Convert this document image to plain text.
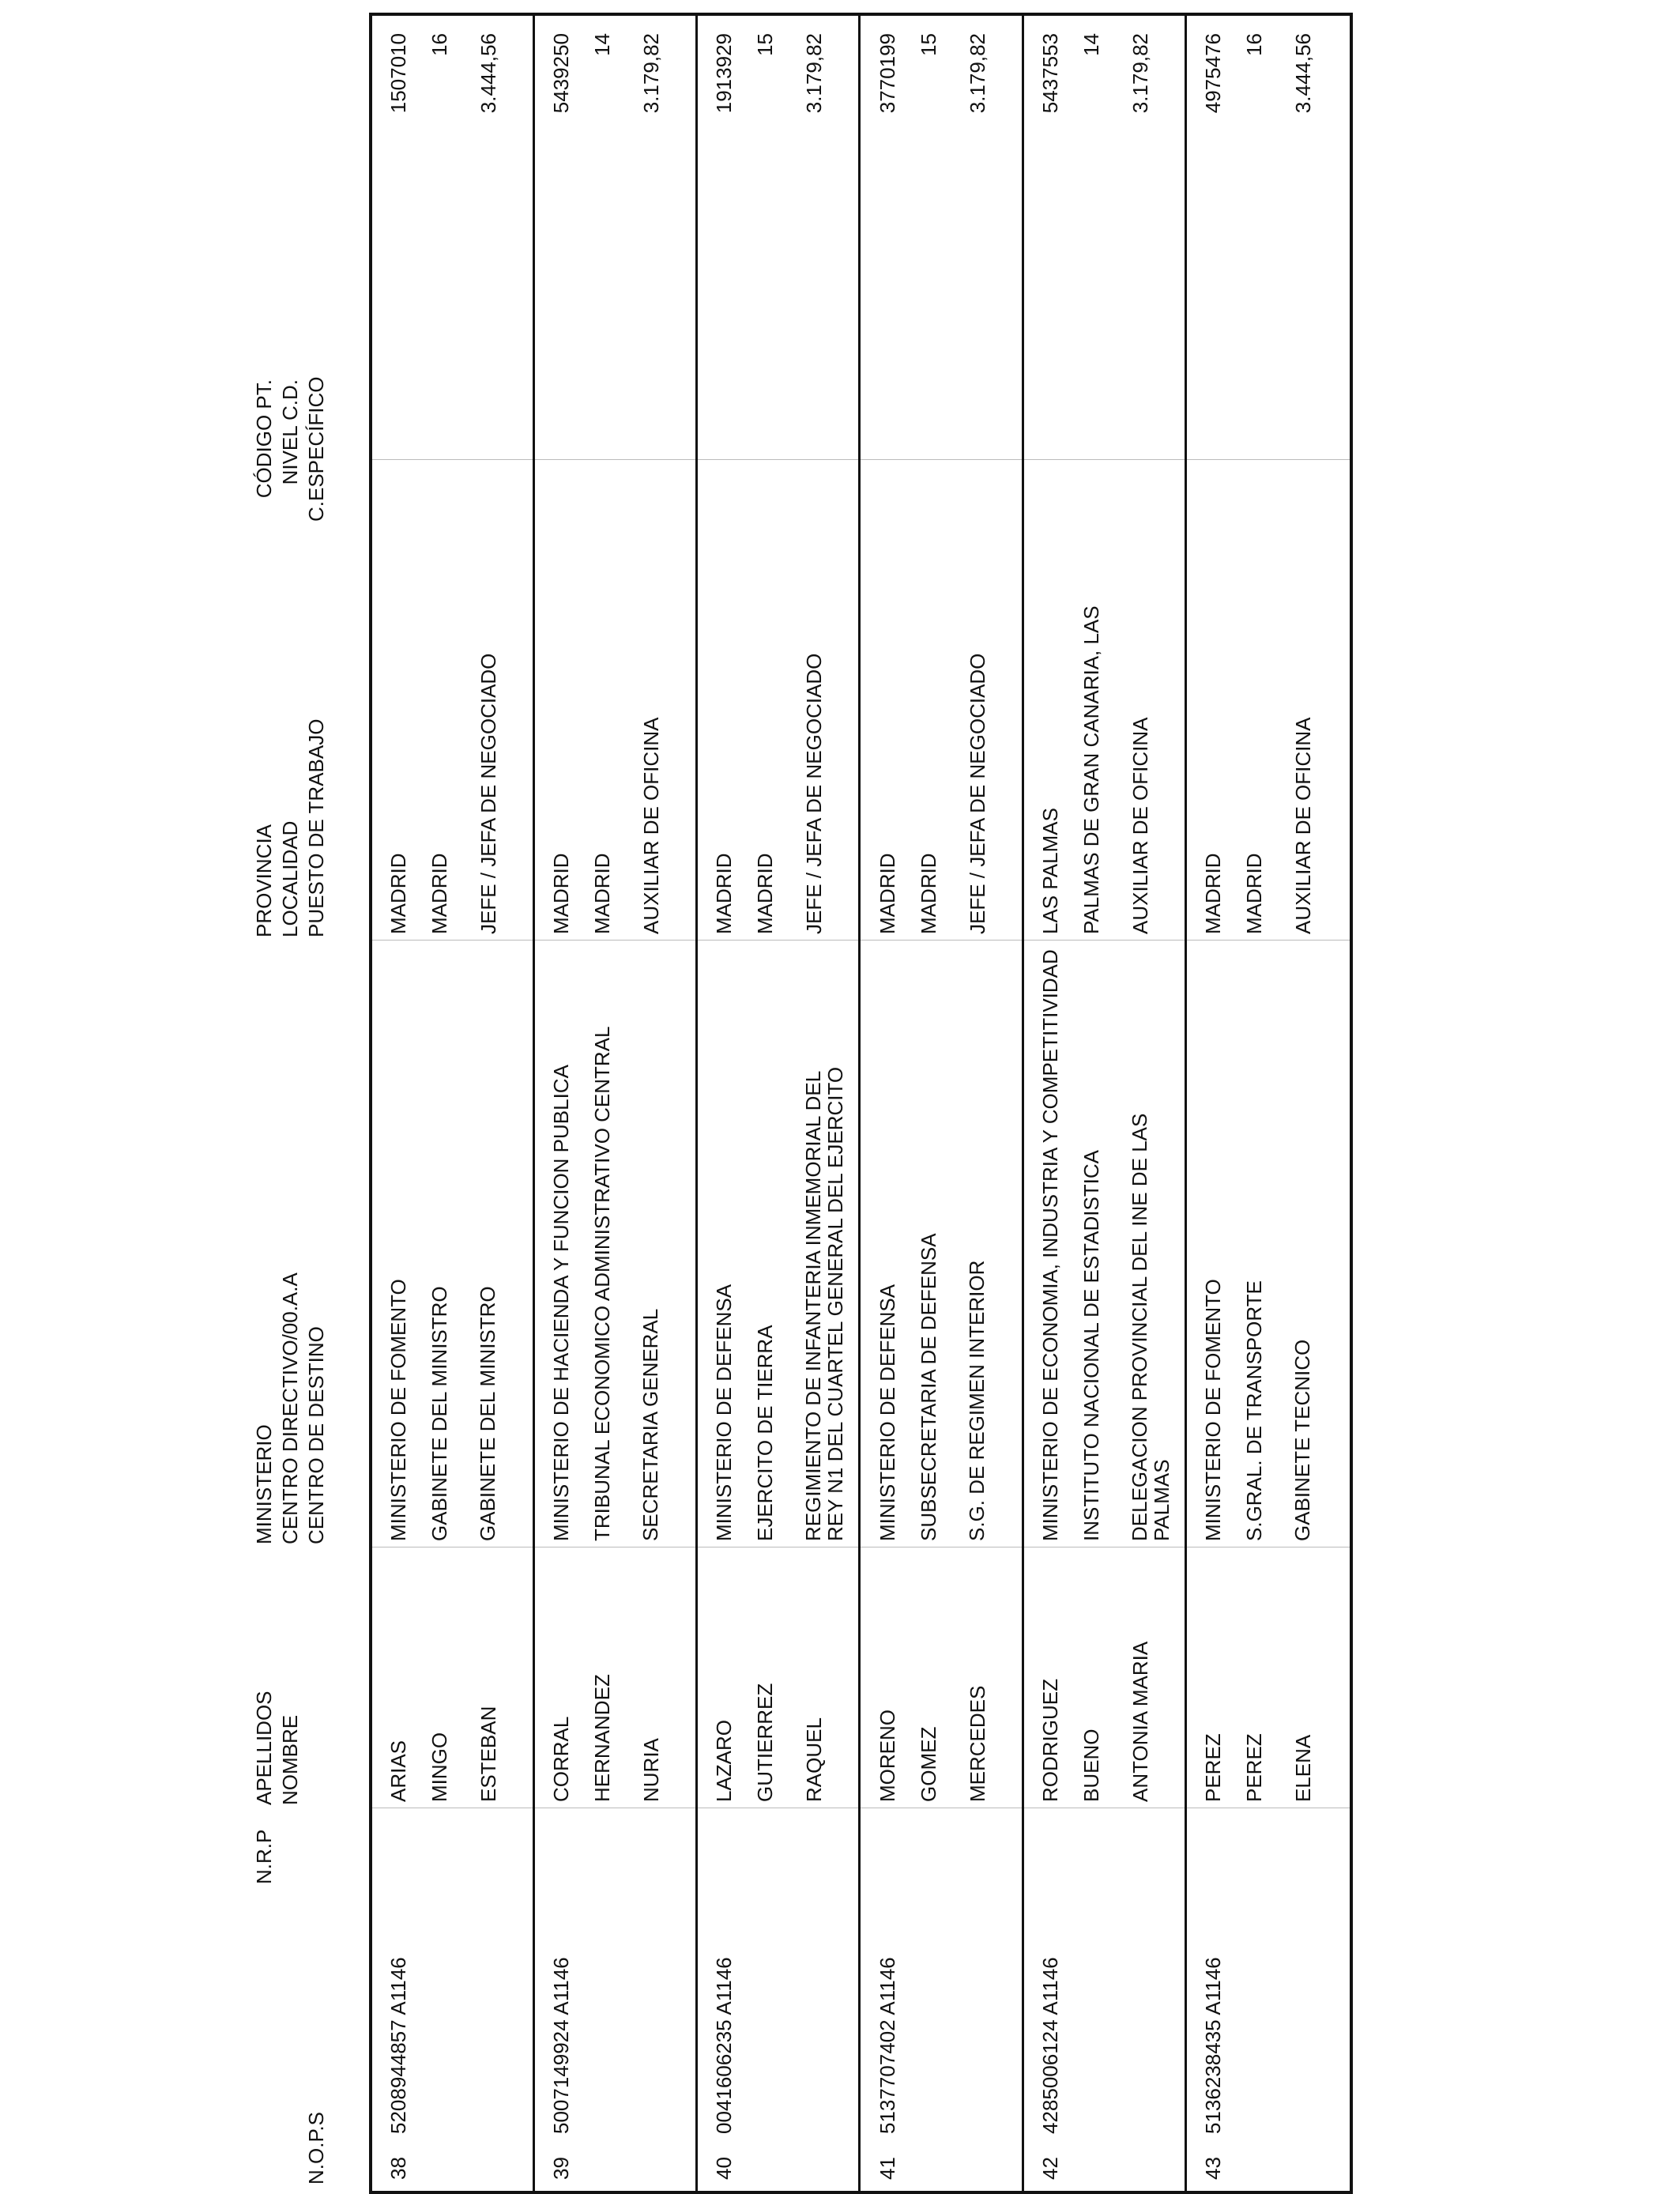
N.O.P.S
N.R.P
APELLIDOS NOMBRE
MINISTERIO CENTRO DIRECTIVO/00.A.A CENTRO DE DESTINO
PROVINCIA LOCALIDAD PUESTO DE TRABAJO
CÓDIGO PT. NIVEL C.D. C.ESPECÍFICO
38
5208944857 A1146
ARIAS MINGO ESTEBAN
MINISTERIO DE FOMENTO GABINETE DEL MINISTRO GABINETE DEL MINISTRO
MADRID MADRID JEFE / JEFA DE NEGOCIADO
1507010 16 3.444,56
39
5007149924 A1146
CORRAL HERNANDEZ NURIA
MINISTERIO DE HACIENDA Y FUNCION PUBLICA TRIBUNAL ECONOMICO ADMINISTRATIVO CENTRAL SECRETARIA GENERAL
MADRID MADRID AUXILIAR DE OFICINA
5439250 14 3.179,82
40
0041606235 A1146
LAZARO GUTIERREZ RAQUEL
MINISTERIO DE DEFENSA EJERCITO DE TIERRA REGIMIENTO DE INFANTERIA INMEMORIAL DEL REY N1 DEL CUARTEL GENERAL DEL EJERCITO
MADRID MADRID JEFE / JEFA DE NEGOCIADO
1913929 15 3.179,82
41
5137707402 A1146
MORENO GOMEZ MERCEDES
MINISTERIO DE DEFENSA SUBSECRETARIA DE DEFENSA S.G. DE REGIMEN INTERIOR
MADRID MADRID JEFE / JEFA DE NEGOCIADO
3770199 15 3.179,82
42
4285006124 A1146
RODRIGUEZ BUENO ANTONIA MARIA
MINISTERIO DE ECONOMIA, INDUSTRIA Y COMPETITIVIDAD INSTITUTO NACIONAL DE ESTADISTICA DELEGACION PROVINCIAL DEL INE DE LAS PALMAS
LAS PALMAS PALMAS DE GRAN CANARIA, LAS AUXILIAR DE OFICINA
5437553 14 3.179,82
43
5136238435 A1146
PEREZ PEREZ ELENA
MINISTERIO DE FOMENTO S.GRAL. DE TRANSPORTE GABINETE TECNICO
MADRID MADRID AUXILIAR DE OFICINA
4975476 16 3.444,56
